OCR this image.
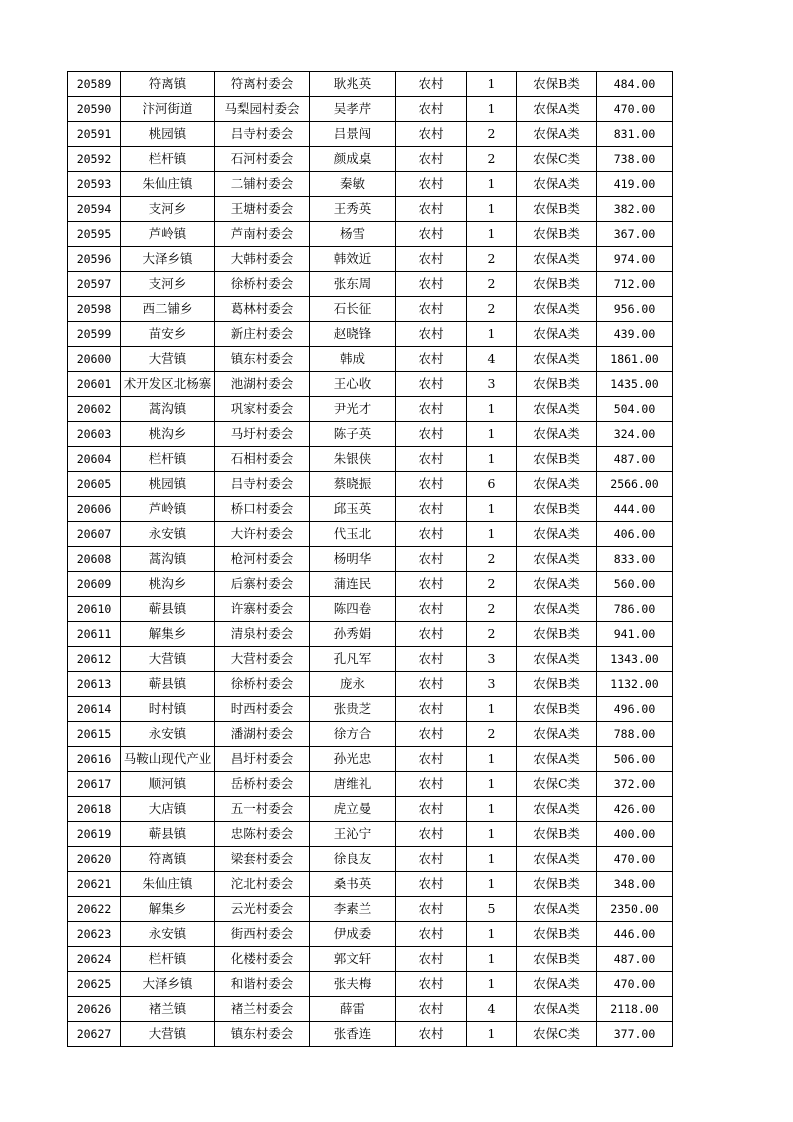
20589	符离镇	符离村委会	耿兆英	农村	1	农保B类	484.00
20590	汴河街道	马梨园村委会	吴孝芹	农村	1	农保A类	470.00
20591	桃园镇	吕寺村委会	吕景闯	农村	2	农保A类	831.00
20592	栏杆镇	石河村委会	颜成桌	农村	2	农保C类	738.00
20593	朱仙庄镇	二铺村委会	秦敏	农村	1	农保A类	419.00
20594	支河乡	王塘村委会	王秀英	农村	1	农保B类	382.00
20595	芦岭镇	芦南村委会	杨雪	农村	1	农保B类	367.00
20596	大泽乡镇	大韩村委会	韩效近	农村	2	农保A类	974.00
20597	支河乡	徐桥村委会	张东周	农村	2	农保B类	712.00
20598	西二铺乡	葛林村委会	石长征	农村	2	农保A类	956.00
20599	苗安乡	新庄村委会	赵晓锋	农村	1	农保A类	439.00
20600	大营镇	镇东村委会	韩成	农村	4	农保A类	1861.00
20601	术开发区北杨寨	池湖村委会	王心收	农村	3	农保B类	1435.00
20602	蒿沟镇	巩家村委会	尹光才	农村	1	农保A类	504.00
20603	桃沟乡	马圩村委会	陈子英	农村	1	农保A类	324.00
20604	栏杆镇	石相村委会	朱银侠	农村	1	农保B类	487.00
20605	桃园镇	吕寺村委会	蔡晓振	农村	6	农保A类	2566.00
20606	芦岭镇	桥口村委会	邱玉英	农村	1	农保B类	444.00
20607	永安镇	大许村委会	代玉北	农村	1	农保A类	406.00
20608	蒿沟镇	枪河村委会	杨明华	农村	2	农保A类	833.00
20609	桃沟乡	后寨村委会	蒲连民	农村	2	农保A类	560.00
20610	蕲县镇	许寨村委会	陈四卷	农村	2	农保A类	786.00
20611	解集乡	清泉村委会	孙秀娟	农村	2	农保B类	941.00
20612	大营镇	大营村委会	孔凡军	农村	3	农保A类	1343.00
20613	蕲县镇	徐桥村委会	庞永	农村	3	农保B类	1132.00
20614	时村镇	时西村委会	张贵芝	农村	1	农保B类	496.00
20615	永安镇	潘湖村委会	徐方合	农村	2	农保A类	788.00
20616	马鞍山现代产业	昌圩村委会	孙光忠	农村	1	农保A类	506.00
20617	顺河镇	岳桥村委会	唐维礼	农村	1	农保C类	372.00
20618	大店镇	五一村委会	虎立曼	农村	1	农保A类	426.00
20619	蕲县镇	忠陈村委会	王沁宁	农村	1	农保B类	400.00
20620	符离镇	梁套村委会	徐良友	农村	1	农保A类	470.00
20621	朱仙庄镇	沱北村委会	桑书英	农村	1	农保B类	348.00
20622	解集乡	云光村委会	李素兰	农村	5	农保A类	2350.00
20623	永安镇	街西村委会	伊成委	农村	1	农保B类	446.00
20624	栏杆镇	化楼村委会	郭文轩	农村	1	农保B类	487.00
20625	大泽乡镇	和谐村委会	张夫梅	农村	1	农保A类	470.00
20626	褚兰镇	褚兰村委会	薛雷	农村	4	农保A类	2118.00
20627	大营镇	镇东村委会	张香连	农村	1	农保C类	377.00
